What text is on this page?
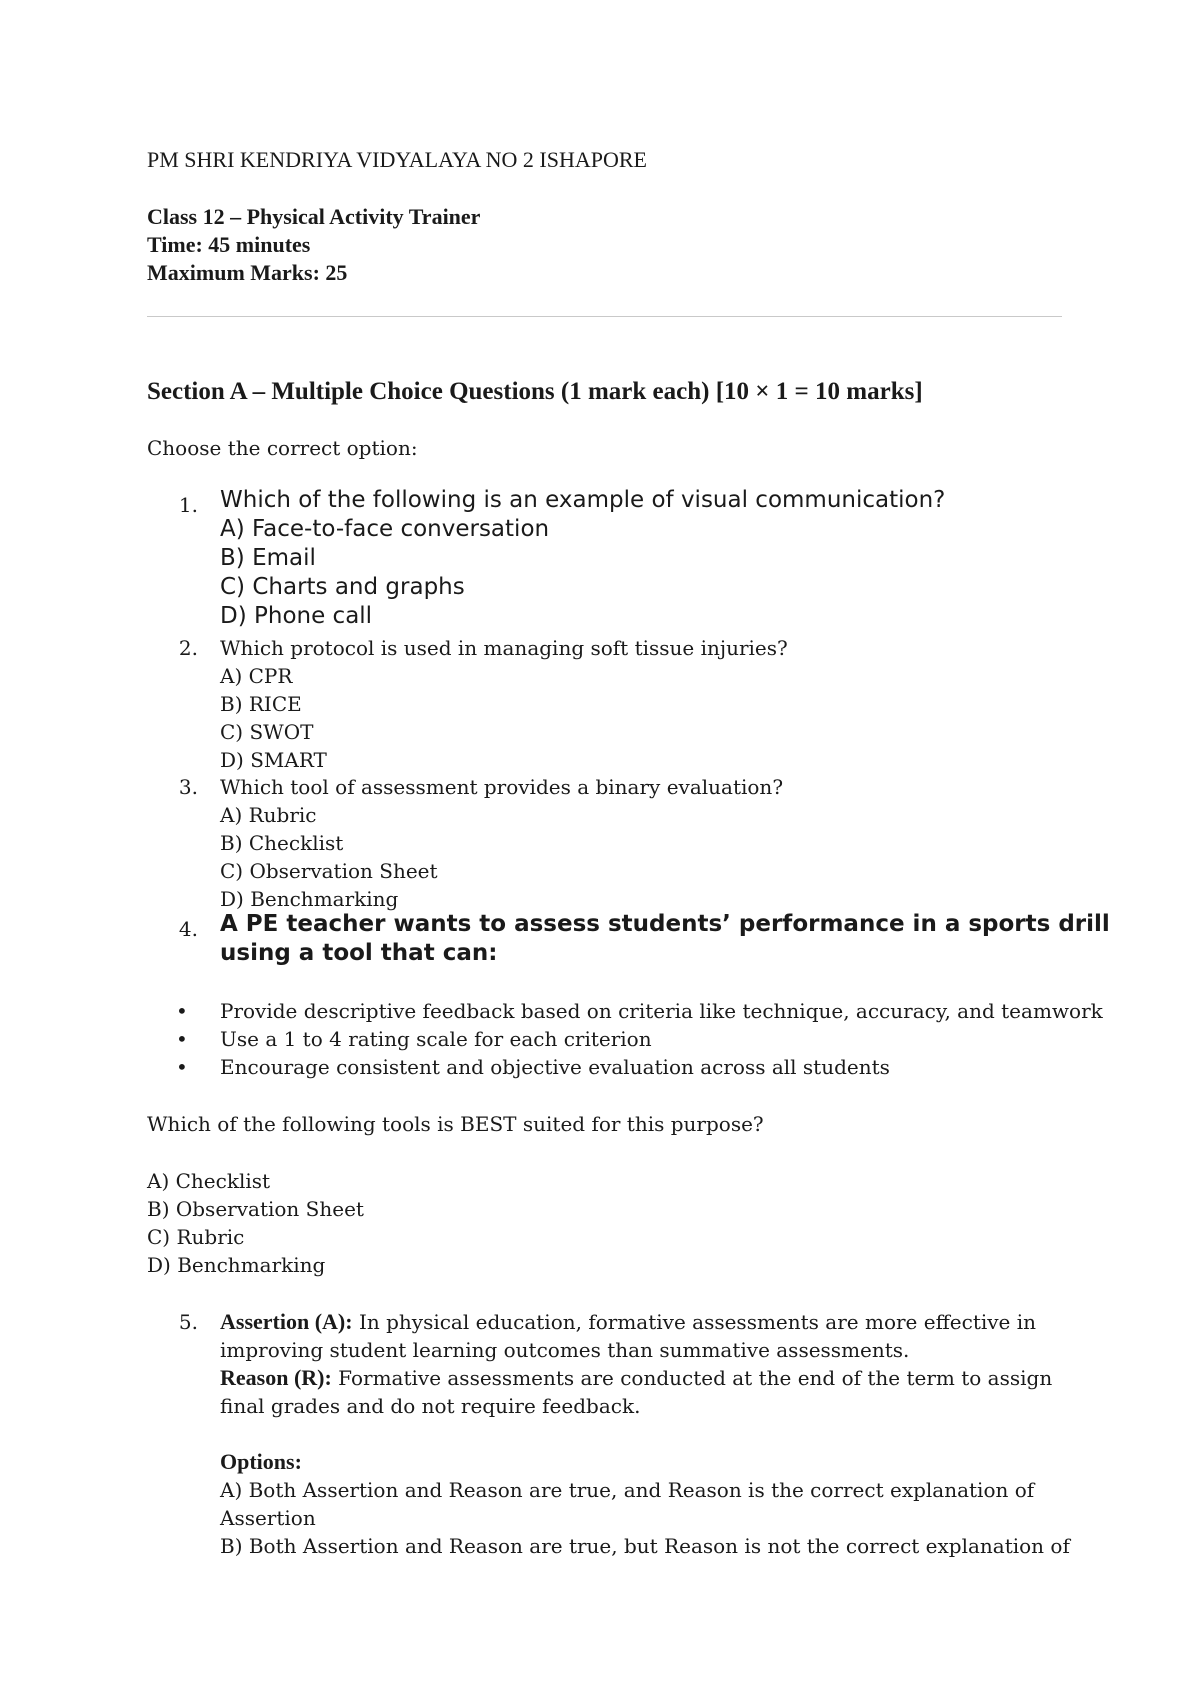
PM SHRI KENDRIYA VIDYALAYA NO 2 ISHAPORE
Class 12 – Physical Activity Trainer
Time: 45 minutes
Maximum Marks: 25
Section A – Multiple Choice Questions (1 mark each) [10 × 1 = 10 marks]
Choose the correct option:
1. Which of the following is an example of visual communication?
A) Face-to-face conversation
B) Email
C) Charts and graphs
D) Phone call
2. Which protocol is used in managing soft tissue injuries?
A) CPR
B) RICE
C) SWOT
D) SMART
3. Which tool of assessment provides a binary evaluation?
A) Rubric
B) Checklist
C) Observation Sheet
D) Benchmarking
4. A PE teacher wants to assess students’ performance in a sports drill
using a tool that can:
• Provide descriptive feedback based on criteria like technique, accuracy, and teamwork
• Use a 1 to 4 rating scale for each criterion
• Encourage consistent and objective evaluation across all students
Which of the following tools is BEST suited for this purpose?
A) Checklist
B) Observation Sheet
C) Rubric
D) Benchmarking
5. Assertion (A): In physical education, formative assessments are more effective in
improving student learning outcomes than summative assessments.
Reason (R): Formative assessments are conducted at the end of the term to assign
final grades and do not require feedback.
Options:
A) Both Assertion and Reason are true, and Reason is the correct explanation of
Assertion
B) Both Assertion and Reason are true, but Reason is not the correct explanation of
